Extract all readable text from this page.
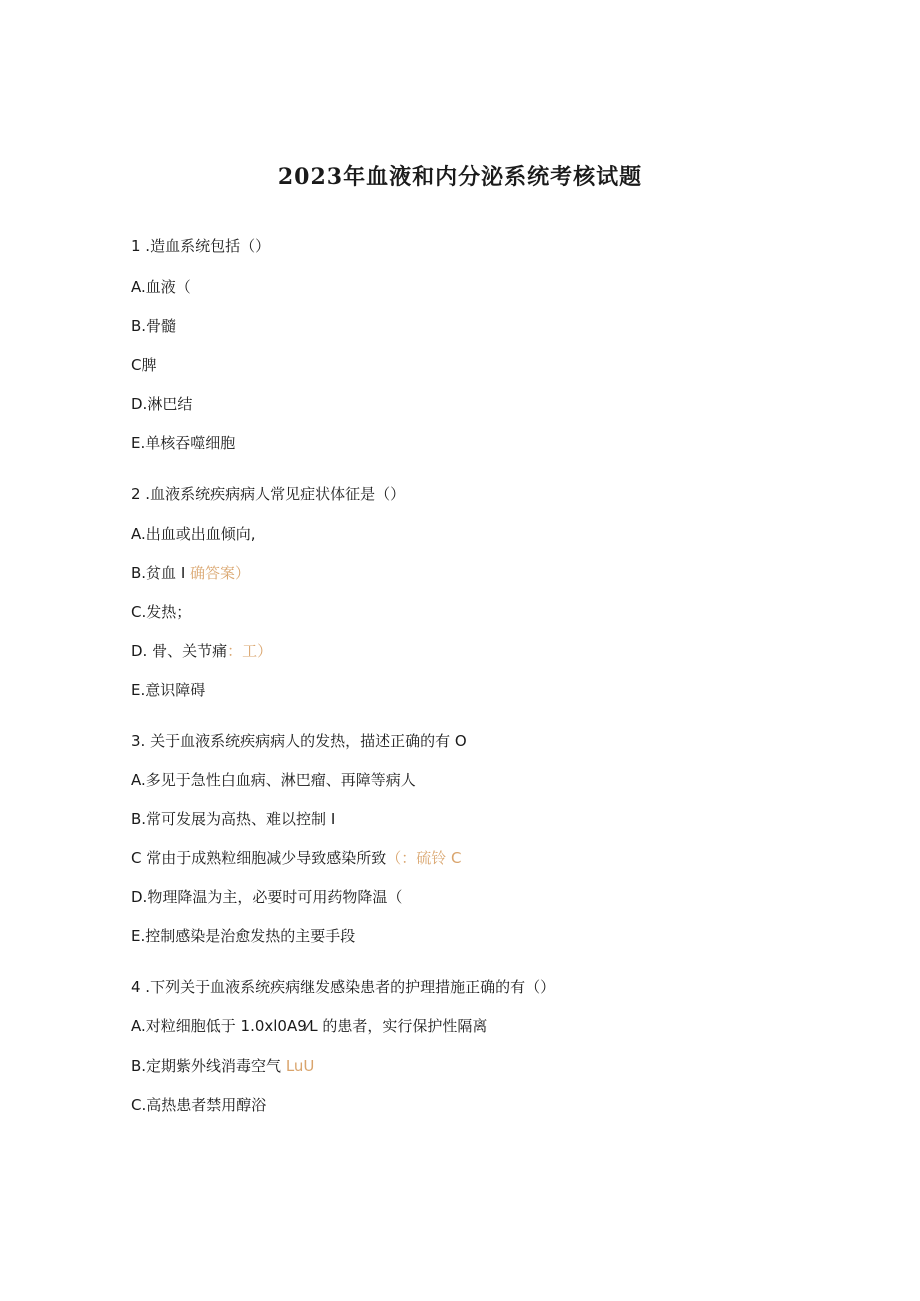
2023年血液和内分泌系统考核试题
1 .造血系统包括（）
A.血液（
B.骨髓
C脾
D.淋巴结
E.单核吞噬细胞
2 .血液系统疾病病人常见症状体征是（）
A.出血或出血倾向,
B.贫血 I 确答案）
C.发热；
D. 骨、关节痛：工）
E.意识障碍
3. 关于血液系统疾病病人的发热，描述正确的有 O
A.多见于急性白血病、淋巴瘤、再障等病人
B.常可发展为高热、难以控制 I
C 常由于成熟粒细胞减少导致感染所致（：硫铃 C
D.物理降温为主，必要时可用药物降温（
E.控制感染是治愈发热的主要手段
4 .下列关于血液系统疾病继发感染患者的护理措施正确的有（）
A.对粒细胞低于 1.0xl0A9⁄L 的患者，实行保护性隔离
B.定期紫外线消毒空气 LuU
C.高热患者禁用醇浴
